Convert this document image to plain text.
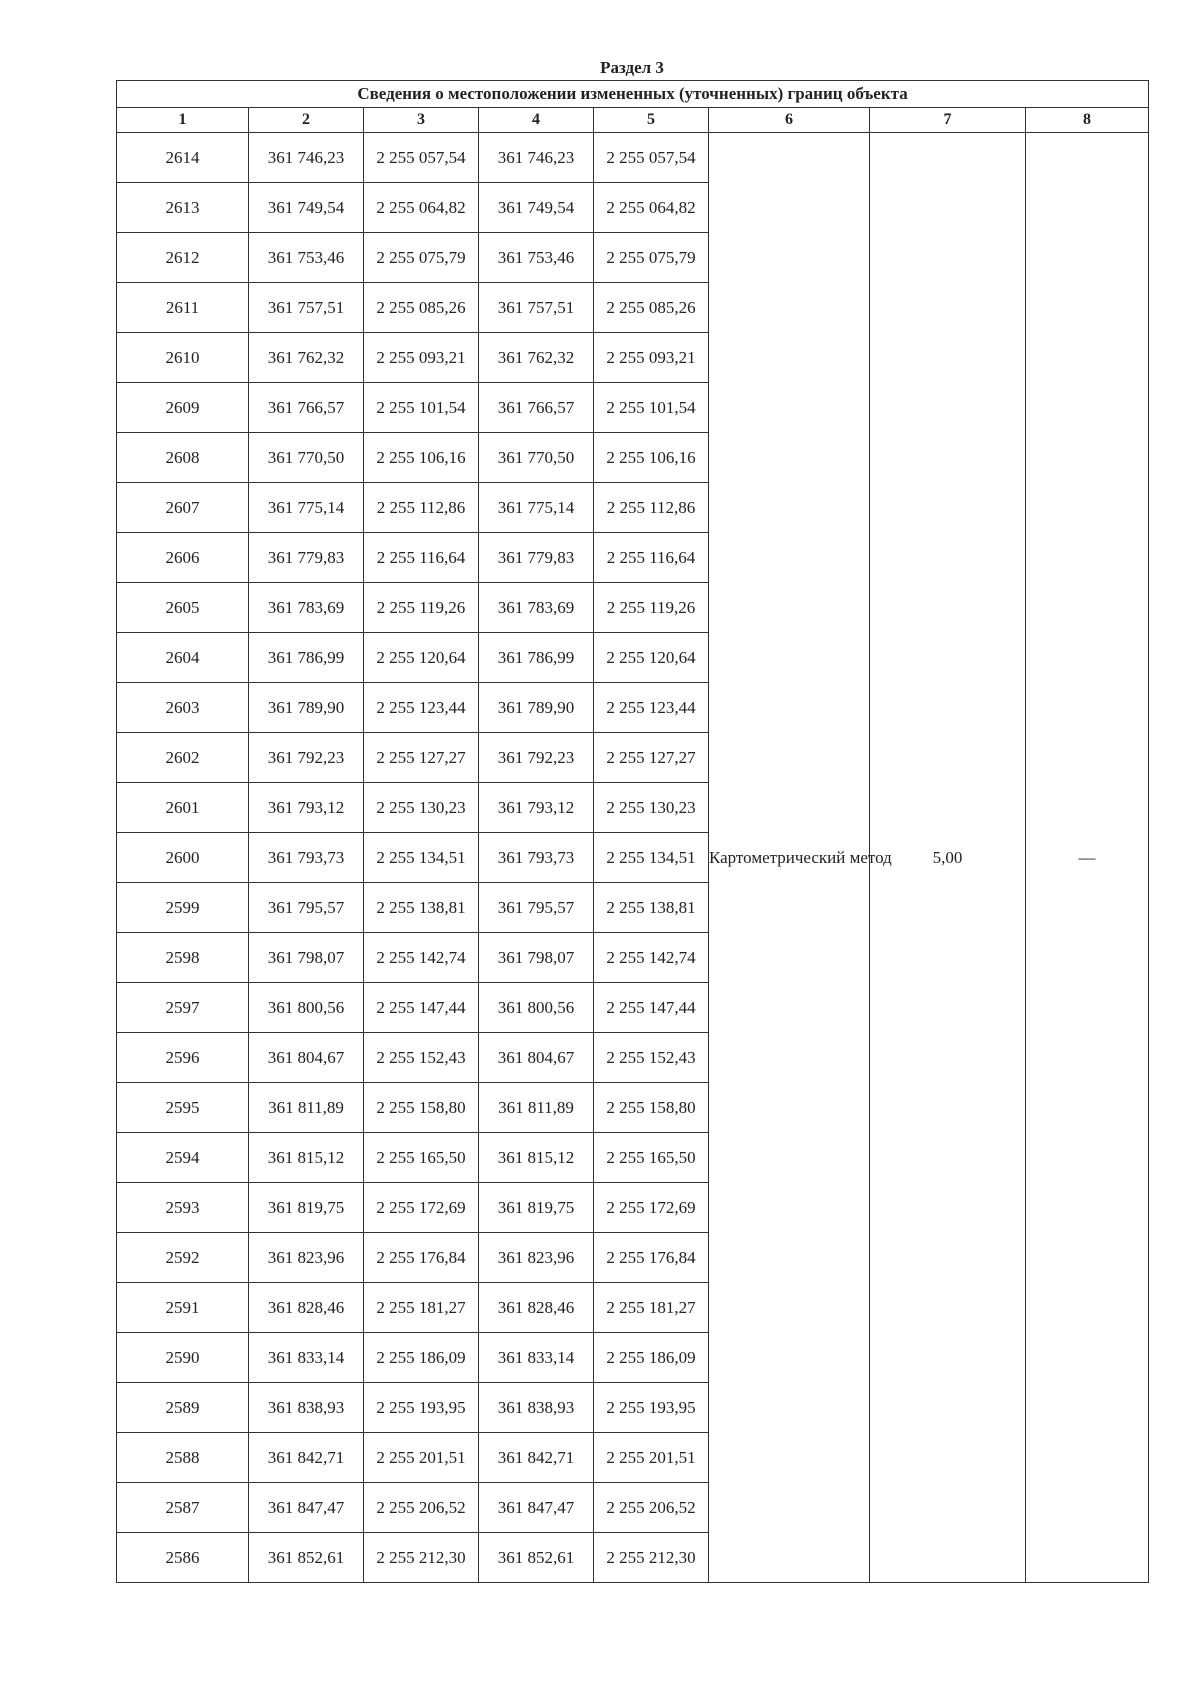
Раздел 3
Сведения о местоположении измененных (уточненных) границ объекта							
1	2	3	4	5	6	7	8
2614	361 746,23	2 255 057,54	361 746,23	2 255 057,54	Картометрический метод	5,00	—
2613	361 749,54	2 255 064,82	361 749,54	2 255 064,82			
2612	361 753,46	2 255 075,79	361 753,46	2 255 075,79			
2611	361 757,51	2 255 085,26	361 757,51	2 255 085,26			
2610	361 762,32	2 255 093,21	361 762,32	2 255 093,21			
2609	361 766,57	2 255 101,54	361 766,57	2 255 101,54			
2608	361 770,50	2 255 106,16	361 770,50	2 255 106,16			
2607	361 775,14	2 255 112,86	361 775,14	2 255 112,86			
2606	361 779,83	2 255 116,64	361 779,83	2 255 116,64			
2605	361 783,69	2 255 119,26	361 783,69	2 255 119,26			
2604	361 786,99	2 255 120,64	361 786,99	2 255 120,64			
2603	361 789,90	2 255 123,44	361 789,90	2 255 123,44			
2602	361 792,23	2 255 127,27	361 792,23	2 255 127,27			
2601	361 793,12	2 255 130,23	361 793,12	2 255 130,23			
2600	361 793,73	2 255 134,51	361 793,73	2 255 134,51			
2599	361 795,57	2 255 138,81	361 795,57	2 255 138,81			
2598	361 798,07	2 255 142,74	361 798,07	2 255 142,74			
2597	361 800,56	2 255 147,44	361 800,56	2 255 147,44			
2596	361 804,67	2 255 152,43	361 804,67	2 255 152,43			
2595	361 811,89	2 255 158,80	361 811,89	2 255 158,80			
2594	361 815,12	2 255 165,50	361 815,12	2 255 165,50			
2593	361 819,75	2 255 172,69	361 819,75	2 255 172,69			
2592	361 823,96	2 255 176,84	361 823,96	2 255 176,84			
2591	361 828,46	2 255 181,27	361 828,46	2 255 181,27			
2590	361 833,14	2 255 186,09	361 833,14	2 255 186,09			
2589	361 838,93	2 255 193,95	361 838,93	2 255 193,95			
2588	361 842,71	2 255 201,51	361 842,71	2 255 201,51			
2587	361 847,47	2 255 206,52	361 847,47	2 255 206,52			
2586	361 852,61	2 255 212,30	361 852,61	2 255 212,30			
